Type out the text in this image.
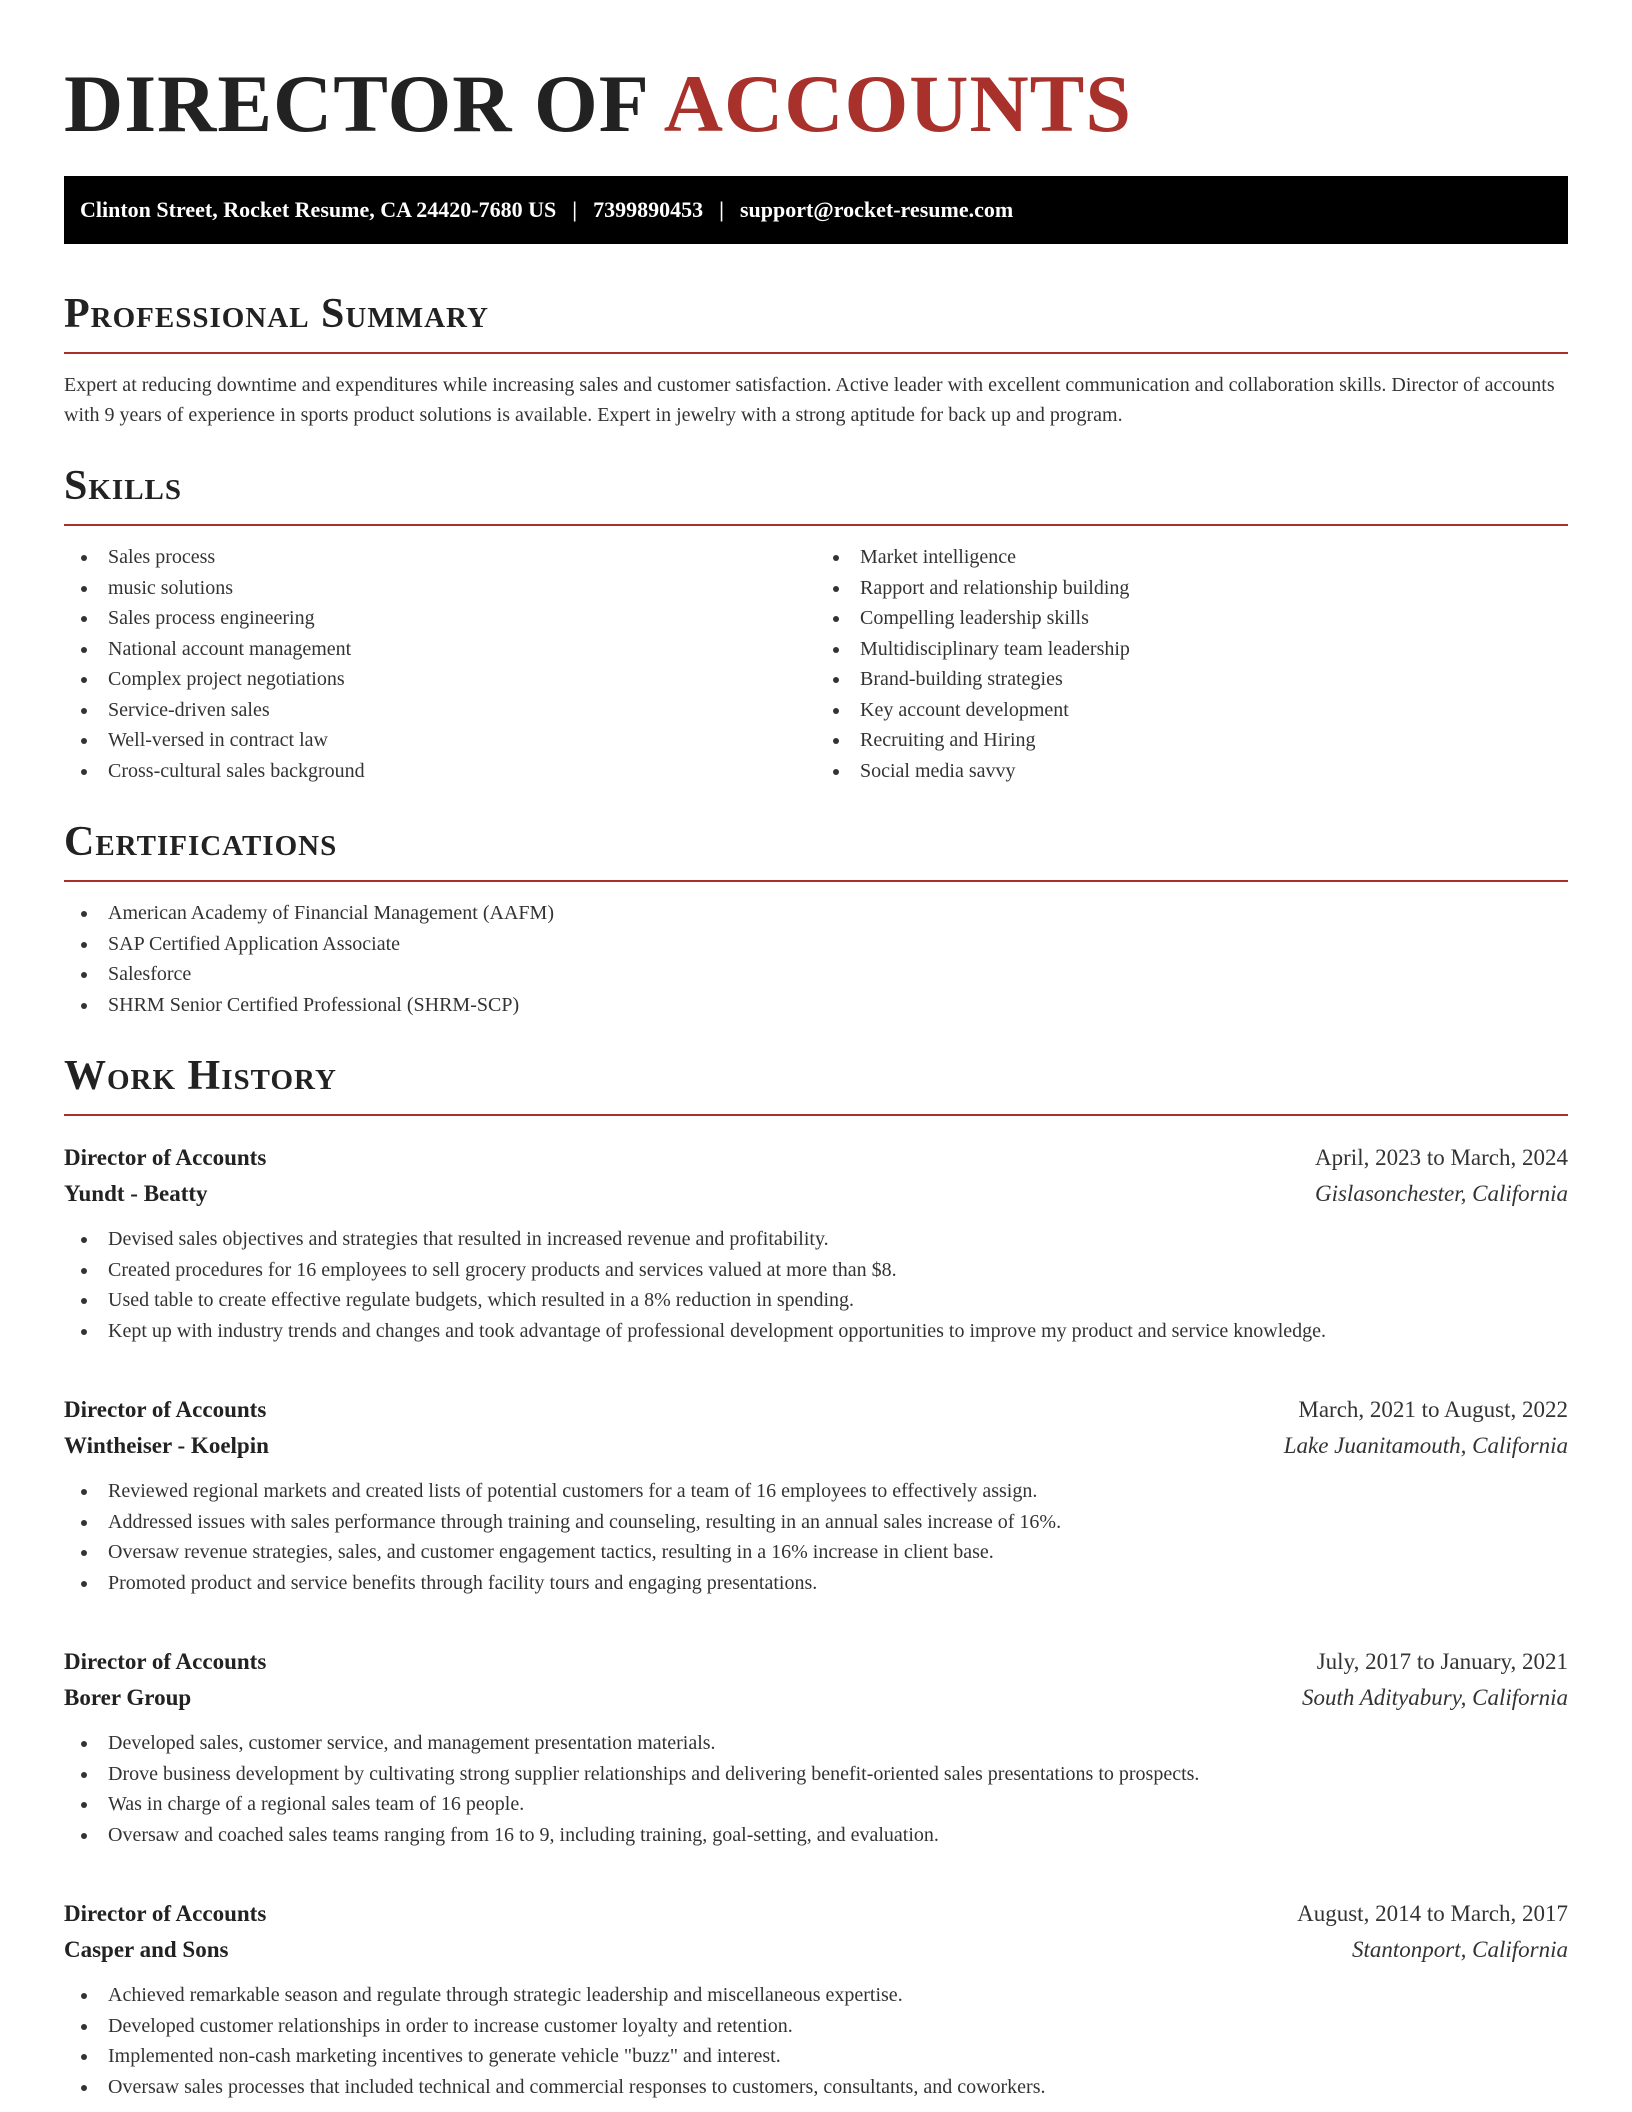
DIRECTOR OF ACCOUNTS
Clinton Street, Rocket Resume, CA 24420-7680 US | 7399890453 | support@rocket-resume.com
Professional Summary

Expert at reducing downtime and expenditures while increasing sales and customer satisfaction. Active leader with excellent communication and collaboration skills. Director of accounts with 9 years of experience in sports product solutions is available. Expert in jewelry with a strong aptitude for back up and program.

Skills
Sales process
music solutions
Sales process engineering
National account management
Complex project negotiations
Service-driven sales
Well-versed in contract law
Cross-cultural sales background
Market intelligence
Rapport and relationship building
Compelling leadership skills
Multidisciplinary team leadership
Brand-building strategies
Key account development
Recruiting and Hiring
Social media savvy
Certifications
American Academy of Financial Management (AAFM)
SAP Certified Application Associate
Salesforce
SHRM Senior Certified Professional (SHRM-SCP)
Work History
Director of Accounts	April, 2023 to March, 2024
Yundt - Beatty	Gislasonchester, California
Devised sales objectives and strategies that resulted in increased revenue and profitability.
Created procedures for 16 employees to sell grocery products and services valued at more than $8.
Used table to create effective regulate budgets, which resulted in a 8% reduction in spending.
Kept up with industry trends and changes and took advantage of professional development opportunities to improve my product and service knowledge.
Director of Accounts	March, 2021 to August, 2022
Wintheiser - Koelpin	Lake Juanitamouth, California
Reviewed regional markets and created lists of potential customers for a team of 16 employees to effectively assign.
Addressed issues with sales performance through training and counseling, resulting in an annual sales increase of 16%.
Oversaw revenue strategies, sales, and customer engagement tactics, resulting in a 16% increase in client base.
Promoted product and service benefits through facility tours and engaging presentations.
Director of Accounts	July, 2017 to January, 2021
Borer Group	South Adityabury, California
Developed sales, customer service, and management presentation materials.
Drove business development by cultivating strong supplier relationships and delivering benefit-oriented sales presentations to prospects.
Was in charge of a regional sales team of 16 people.
Oversaw and coached sales teams ranging from 16 to 9, including training, goal-setting, and evaluation.
Director of Accounts	August, 2014 to March, 2017
Casper and Sons	Stantonport, California
Achieved remarkable season and regulate through strategic leadership and miscellaneous expertise.
Developed customer relationships in order to increase customer loyalty and retention.
Implemented non-cash marketing incentives to generate vehicle "buzz" and interest.
Oversaw sales processes that included technical and commercial responses to customers, consultants, and coworkers.
